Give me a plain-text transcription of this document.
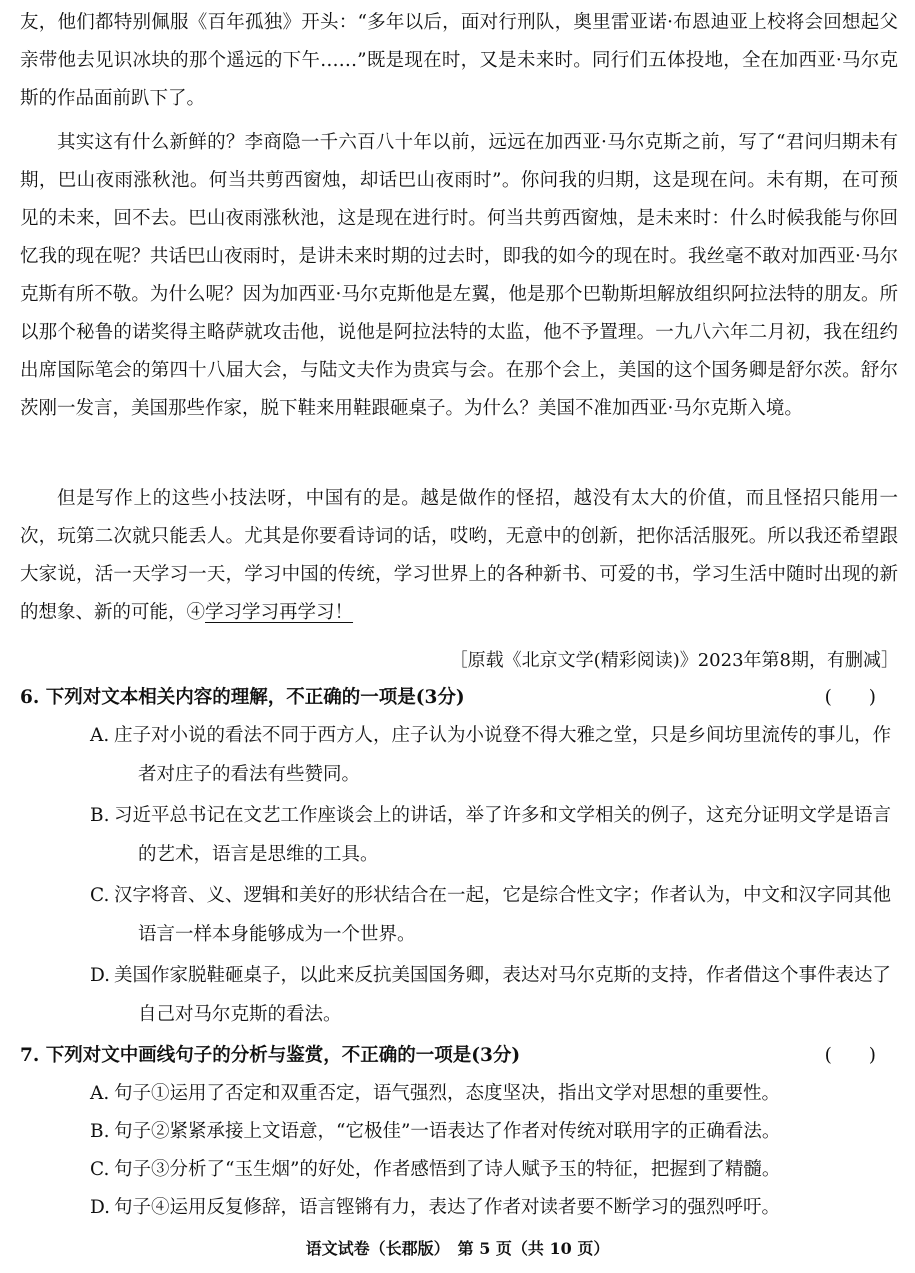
友，他们都特别佩服《百年孤独》开头：“多年以后，面对行刑队，奥里雷亚诺·布恩迪亚上校将会回想起父亲带他去见识冰块的那个遥远的下午……”既是现在时，又是未来时。同行们五体投地，全在加西亚·马尔克斯的作品面前趴下了。

其实这有什么新鲜的？李商隐一千六百八十年以前，远远在加西亚·马尔克斯之前，写了“君问归期未有期，巴山夜雨涨秋池。何当共剪西窗烛，却话巴山夜雨时”。你问我的归期，这是现在问。未有期，在可预见的未来，回不去。巴山夜雨涨秋池，这是现在进行时。何当共剪西窗烛，是未来时：什么时候我能与你回忆我的现在呢？共话巴山夜雨时，是讲未来时期的过去时，即我的如今的现在时。我丝毫不敢对加西亚·马尔克斯有所不敬。为什么呢？因为加西亚·马尔克斯他是左翼，他是那个巴勒斯坦解放组织阿拉法特的朋友。所以那个秘鲁的诺奖得主略萨就攻击他，说他是阿拉法特的太监，他不予置理。一九八六年二月初，我在纽约出席国际笔会的第四十八届大会，与陆文夫作为贵宾与会。在那个会上，美国的这个国务卿是舒尔茨。舒尔茨刚一发言，美国那些作家，脱下鞋来用鞋跟砸桌子。为什么？美国不准加西亚·马尔克斯入境。

但是写作上的这些小技法呀，中国有的是。越是做作的怪招，越没有太大的价值，而且怪招只能用一次，玩第二次就只能丢人。尤其是你要看诗词的话，哎哟，无意中的创新，把你活活服死。所以我还希望跟大家说，活一天学习一天，学习中国的传统，学习世界上的各种新书、可爱的书，学习生活中随时出现的新的想象、新的可能，④学习学习再学习！

［原载《北京文学(精彩阅读)》2023年第8期，有删减］
6. 下列对文本相关内容的理解，不正确的一项是(3分)	(　　)
A. 庄子对小说的看法不同于西方人，庄子认为小说登不得大雅之堂，只是乡间坊里流传的事儿，作者对庄子的看法有些赞同。
B. 习近平总书记在文艺工作座谈会上的讲话，举了许多和文学相关的例子，这充分证明文学是语言的艺术，语言是思维的工具。
C. 汉字将音、义、逻辑和美好的形状结合在一起，它是综合性文字；作者认为，中文和汉字同其他语言一样本身能够成为一个世界。
D. 美国作家脱鞋砸桌子，以此来反抗美国国务卿，表达对马尔克斯的支持，作者借这个事件表达了自己对马尔克斯的看法。
7. 下列对文中画线句子的分析与鉴赏，不正确的一项是(3分)	(　　)
A. 句子①运用了否定和双重否定，语气强烈，态度坚决，指出文学对思想的重要性。
B. 句子②紧紧承接上文语意，“它极佳”一语表达了作者对传统对联用字的正确看法。
C. 句子③分析了“玉生烟”的好处，作者感悟到了诗人赋予玉的特征，把握到了精髓。
D. 句子④运用反复修辞，语言铿锵有力，表达了作者对读者要不断学习的强烈呼吁。
语文试卷（长郡版）　第 5 页（共 10 页）
